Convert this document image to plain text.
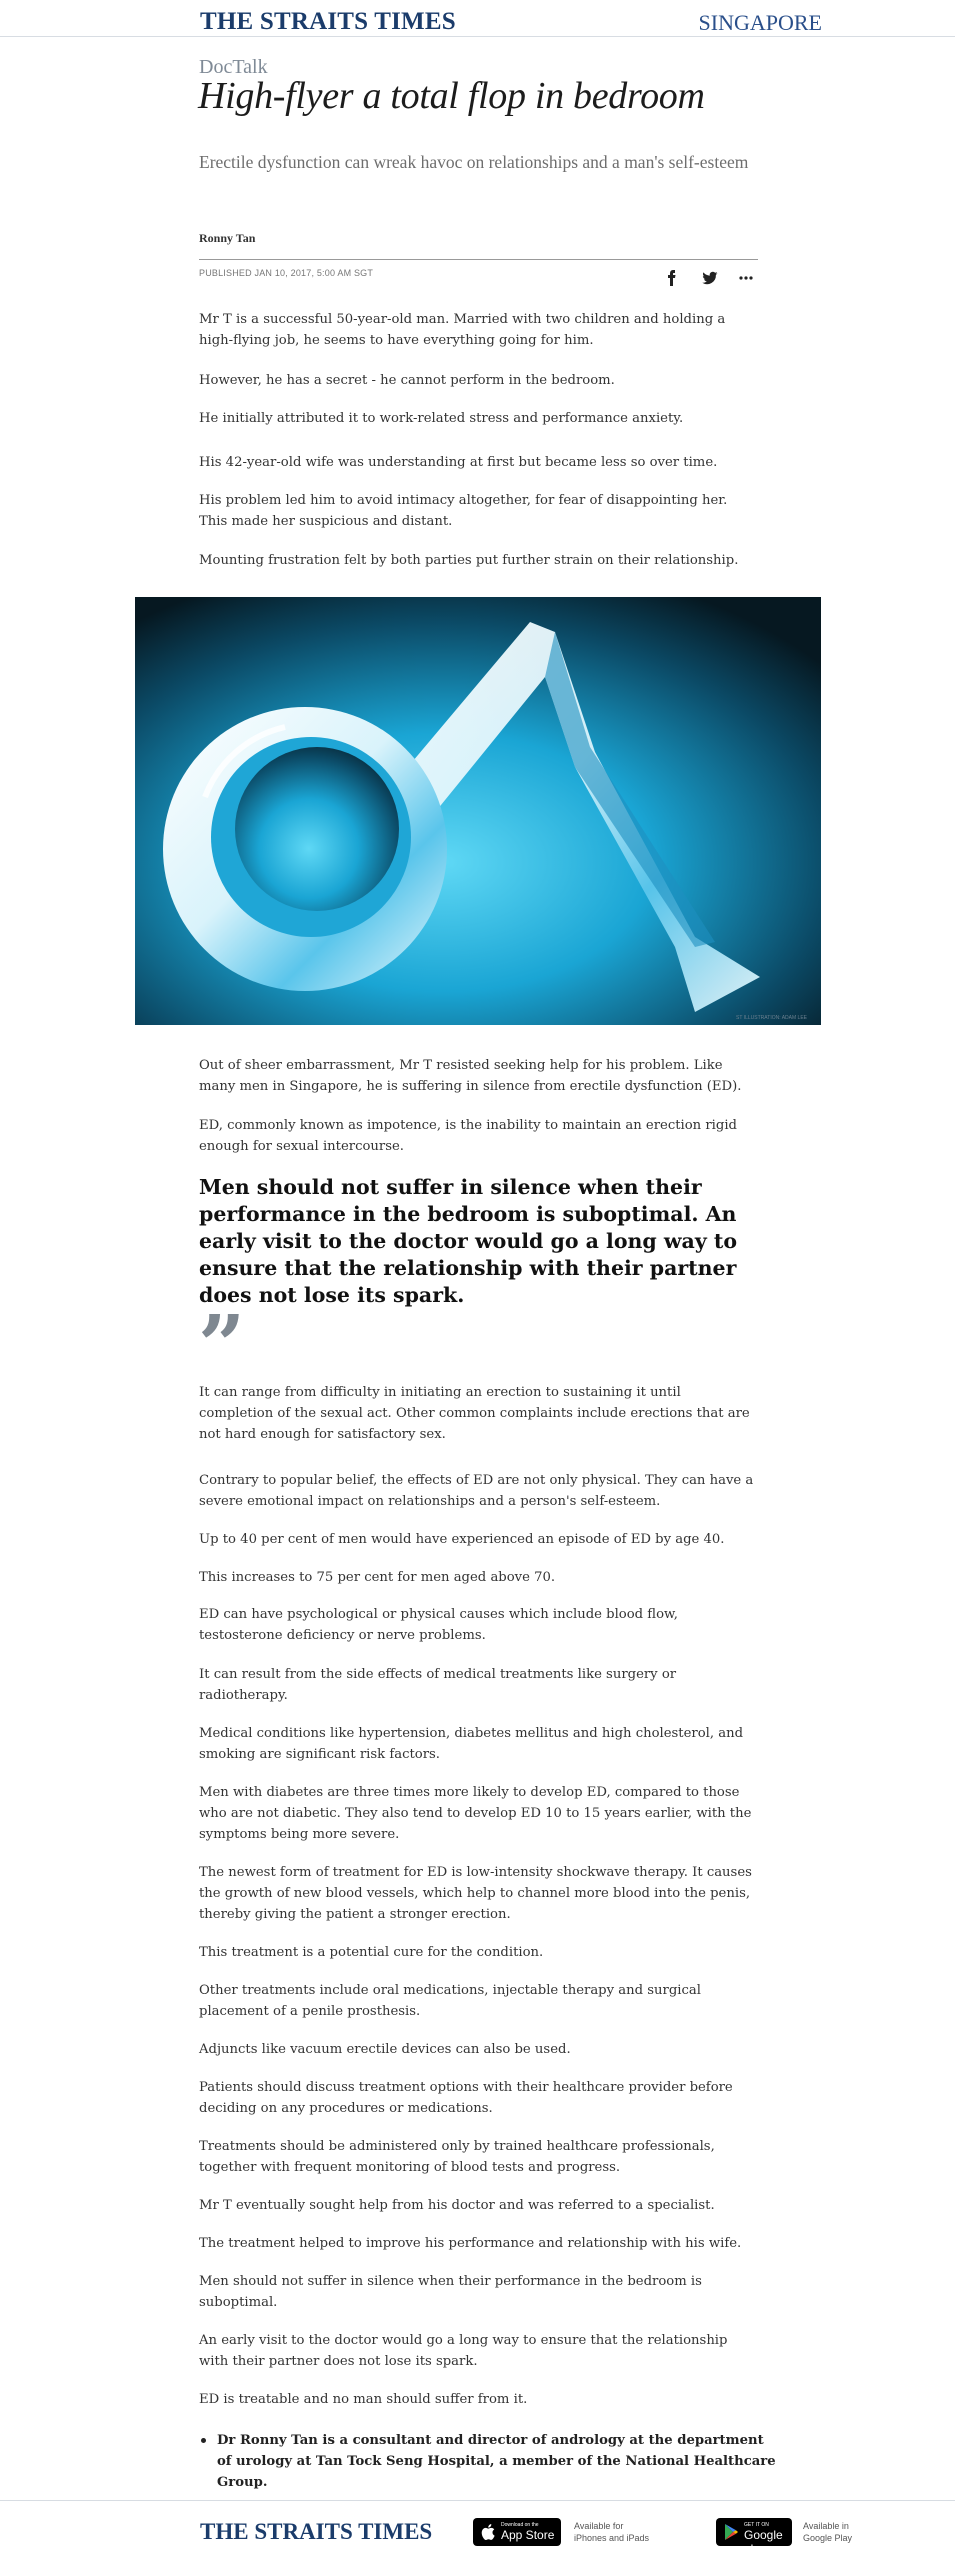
THE STRAITS TIMES	SINGAPORE
DocTalk
High-flyer a total flop in bedroom

Erectile dysfunction can wreak havoc on relationships and a man's self-esteem

Ronny Tan
PUBLISHED JAN 10, 2017, 5:00 AM SGT

Mr T is a successful 50-year-old man. Married with two children and holding a high-flying job, he seems to have everything going for him.

However, he has a secret - he cannot perform in the bedroom.

He initially attributed it to work-related stress and performance anxiety.

His 42-year-old wife was understanding at first but became less so over time.

His problem led him to avoid intimacy altogether, for fear of disappointing her. This made her suspicious and distant.

Mounting frustration felt by both parties put further strain on their relationship.

ST ILLUSTRATION: ADAM LEE

Out of sheer embarrassment, Mr T resisted seeking help for his problem. Like many men in Singapore, he is suffering in silence from erectile dysfunction (ED).

ED, commonly known as impotence, is the inability to maintain an erection rigid enough for sexual intercourse.

Men should not suffer in silence when their performance in the bedroom is suboptimal. An early visit to the doctor would go a long way to ensure that the relationship with their partner does not lose its spark.

”

It can range from difficulty in initiating an erection to sustaining it until completion of the sexual act. Other common complaints include erections that are not hard enough for satisfactory sex.

Contrary to popular belief, the effects of ED are not only physical. They can have a severe emotional impact on relationships and a person's self-esteem.

Up to 40 per cent of men would have experienced an episode of ED by age 40.

This increases to 75 per cent for men aged above 70.

ED can have psychological or physical causes which include blood flow, testosterone deficiency or nerve problems.

It can result from the side effects of medical treatments like surgery or radiotherapy.

Medical conditions like hypertension, diabetes mellitus and high cholesterol, and smoking are significant risk factors.

Men with diabetes are three times more likely to develop ED, compared to those who are not diabetic. They also tend to develop ED 10 to 15 years earlier, with the symptoms being more severe.

The newest form of treatment for ED is low-intensity shockwave therapy. It causes the growth of new blood vessels, which help to channel more blood into the penis, thereby giving the patient a stronger erection.

This treatment is a potential cure for the condition.

Other treatments include oral medications, injectable therapy and surgical placement of a penile prosthesis.

Adjuncts like vacuum erectile devices can also be used.

Patients should discuss treatment options with their healthcare provider before deciding on any procedures or medications.

Treatments should be administered only by trained healthcare professionals, together with frequent monitoring of blood tests and progress.

Mr T eventually sought help from his doctor and was referred to a specialist.

The treatment helped to improve his performance and relationship with his wife.

Men should not suffer in silence when their performance in the bedroom is suboptimal.

An early visit to the doctor would go a long way to ensure that the relationship with their partner does not lose its spark.

ED is treatable and no man should suffer from it.

Dr Ronny Tan is a consultant and director of andrology at the department of urology at Tan Tock Seng Hospital, a member of the National Healthcare Group.

THE STRAITS TIMES	Download on the
App Store
Available for iPhones and iPads
GET IT ON
Google play
Available in Google Play
